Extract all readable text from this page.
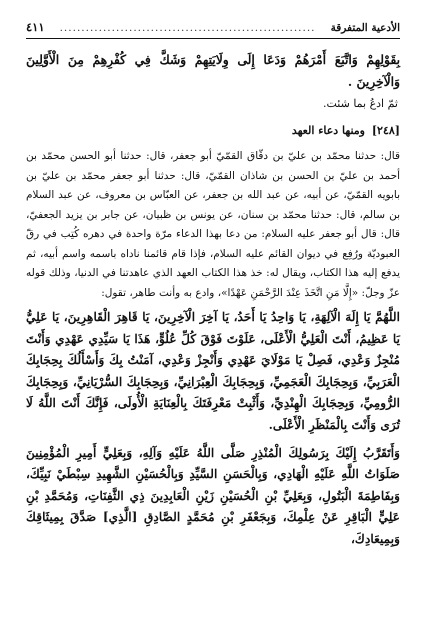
الأدعية المتفرقة
...........................................................
٤١١

بِقَوْلِهِمْ وَاتَّبَعَ أَمْرَهُمْ وَدَعَا إِلَى وِلَايَتِهِمْ وَشَكَّ فِي كُفْرِهِمْ مِنَ الْأَوَّلِينَ وَالْآخِرِينَ .

ثمّ ادعُ بما شئت.

[٢٤٨] ومنها دعاء العهد

قال: حدثنا محمّد بن عليّ بن دقّاق القمّيّ أبو جعفر، قال: حدثنا أبو الحسن محمّد بن أحمد بن عليّ بن الحسن بن شاذان القمّيّ، قال: حدثنا أبو جعفر محمّد بن عليّ بن بابويه القمّيّ، عن أبيه، عن عبد الله بن جعفر، عن العبّاس بن معروف، عن عبد السلام بن سالم، قال: حدثنا محمّد بن سنان، عن يونس بن ظبيان، عن جابر بن يزيد الجعفيّ، قال: قال أبو جعفر عليه السلام: من دعا بهذا الدعاء مرّة واحدة في دهره كُتِب في رقّ العبوديّة ورُفِع في ديوان القائم عليه السلام، فإذا قام قائمنا ناداه باسمه واسم أبيه، ثم يدفع إليه هذا الكتاب، ويقال له: خذ هذا الكتاب العهد الذي عاهدتنا في الدنيا، وذلك قوله عزّ وجلّ: «إِلَّا مَنِ اتَّخَذَ عِنْدَ الرَّحْمَنِ عَهْدًا»، وادع به وأنت طاهر، تقول:

اللَّهُمَّ يَا إِلَهَ الْآلِهَةِ، يَا وَاحِدُ يَا أَحَدُ، يَا آخِرَ الْآخِرِينَ، يَا قَاهِرَ الْقَاهِرِينَ، يَا عَلِيُّ يَا عَظِيمُ، أَنْتَ الْعَلِيُّ الْأَعْلَى، عَلَوْتَ فَوْقَ كُلِّ عُلُوٍّ، هَذَا يَا سَيِّدِي عَهْدِي وَأَنْتَ مُنْجِزٌ وَعْدِي، فَصِلْ يَا مَوْلَايَ عَهْدِي وَأَنْجِزْ وَعْدِي، آمَنْتُ بِكَ وَأَسْأَلُكَ بِحِجَابِكَ الْعَرَبِيِّ، وَبِحِجَابِكَ الْعَجَمِيِّ، وَبِحِجَابِكَ الْعِبْرَانِيِّ، وَبِحِجَابِكَ السُّرْيَانِيِّ، وَبِحِجَابِكَ الرُّومِيِّ، وَبِحِجَابِكَ الْهِنْدِيِّ، وَأَثْبِتْ مَعْرِفَتَكَ بِالْعِنَايَةِ الْأُولَى، فَإِنَّكَ أَنْتَ اللَّهُ لَا تُرَى وَأَنْتَ بِالْمَنْظَرِ الْأَعْلَى.

وَأَتَقَرَّبُ إِلَيْكَ بِرَسُولِكَ الْمُنْذِرِ صَلَّى اللَّهُ عَلَيْهِ وَآلِهِ، وَبِعَلِيٍّ أَمِيرِ الْمُؤْمِنِينَ صَلَوَاتُ اللَّهِ عَلَيْهِ الْهَادِي، وَبِالْحَسَنِ السَّيِّدِ وَبِالْحُسَيْنِ الشَّهِيدِ سِبْطَيْ نَبِيِّكَ، وَبِفَاطِمَةَ الْبَتُولِ، وَبِعَلِيِّ بْنِ الْحُسَيْنِ زَيْنِ الْعَابِدِينَ ذِي الثَّفِنَاتِ، وَمُحَمَّدِ بْنِ عَلِيٍّ الْبَاقِرِ عَنْ عِلْمِكَ، وَبِجَعْفَرِ بْنِ مُحَمَّدٍ الصَّادِقِ [الَّذِي] صَدَّقَ بِمِيثَاقِكَ وَبِمِيعَادِكَ،
